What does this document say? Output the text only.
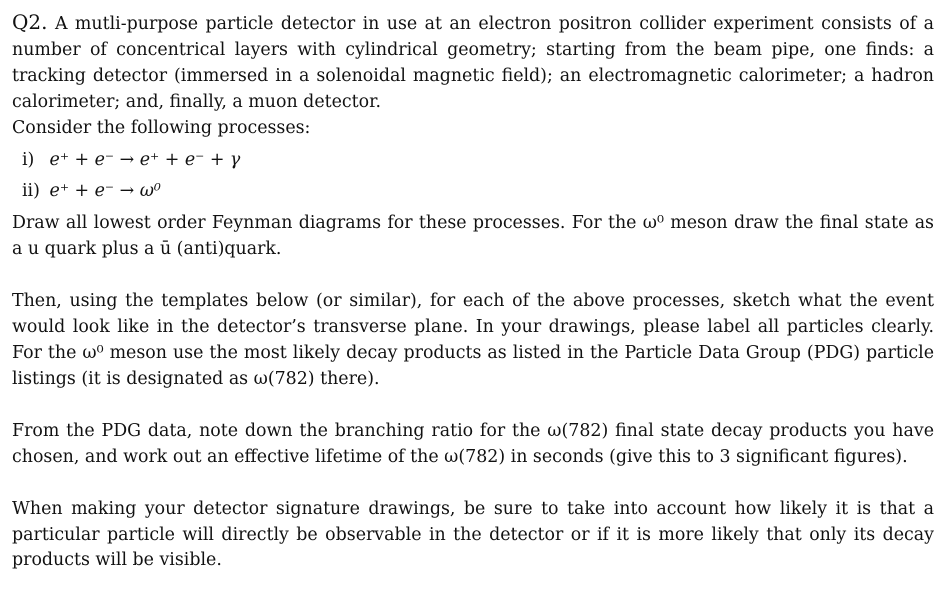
Q2. A mutli-purpose particle detector in use at an electron positron collider experiment consists of a number of concentrical layers with cylindrical geometry; starting from the beam pipe, one finds: a tracking detector (immersed in a solenoidal magnetic field); an electromagnetic calorimeter; a hadron calorimeter; and, finally, a muon detector.

Consider the following processes:

i) e⁺ + e⁻ → e⁺ + e⁻ + γ

ii) e⁺ + e⁻ → ω⁰

Draw all lowest order Feynman diagrams for these processes. For the ω⁰ meson draw the final state as a u quark plus a ū (anti)quark.

Then, using the templates below (or similar), for each of the above processes, sketch what the event would look like in the detector’s transverse plane. In your drawings, please label all particles clearly. For the ω⁰ meson use the most likely decay products as listed in the Particle Data Group (PDG) particle listings (it is designated as ω(782) there).

From the PDG data, note down the branching ratio for the ω(782) final state decay products you have chosen, and work out an effective lifetime of the ω(782) in seconds (give this to 3 significant figures).

When making your detector signature drawings, be sure to take into account how likely it is that a particular particle will directly be observable in the detector or if it is more likely that only its decay products will be visible.
